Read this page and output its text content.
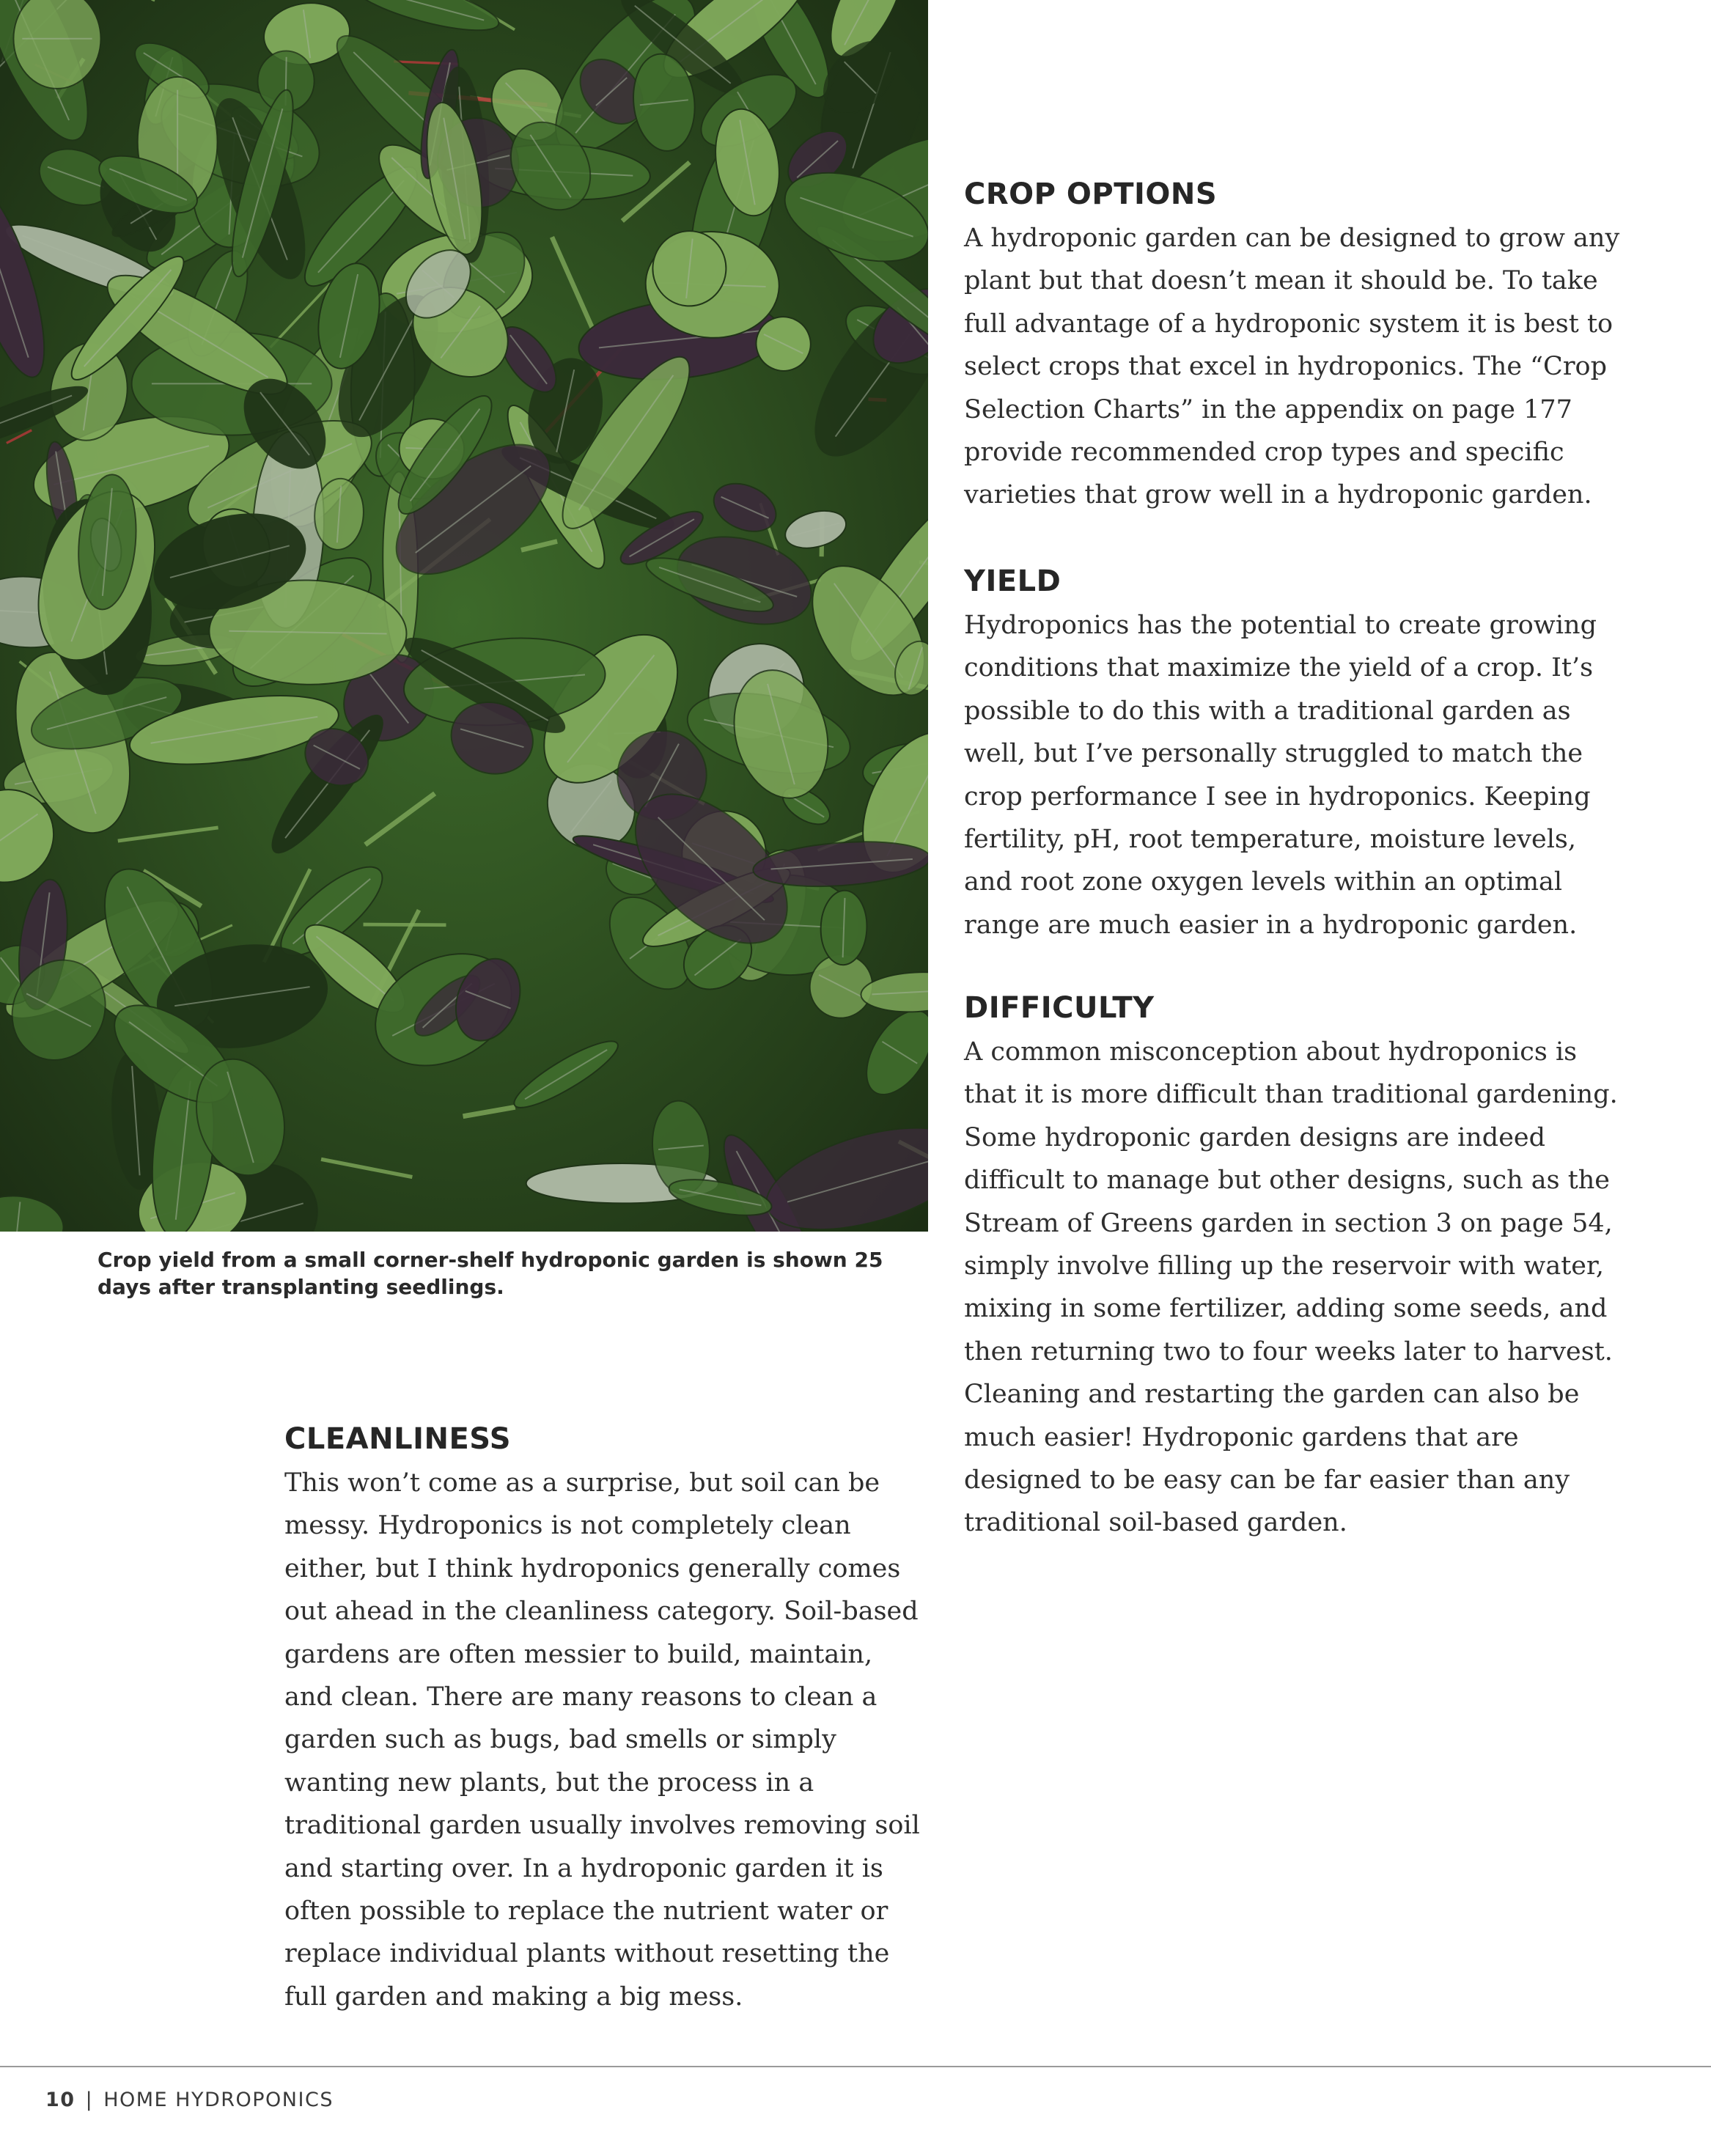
Crop yield from a small corner-shelf hydroponic garden is shown 25 days after transplanting seedlings.
CROP OPTIONS

A hydroponic garden can be designed to grow any plant but that doesn’t mean it should be. To take full advantage of a hydroponic system it is best to select crops that excel in hydroponics. The “Crop Selection Charts” in the appendix on page 177 provide recommended crop types and specific varieties that grow well in a hydroponic garden.

YIELD

Hydroponics has the potential to create growing conditions that maximize the yield of a crop. It’s possible to do this with a traditional garden as well, but I’ve personally struggled to match the crop performance I see in hydroponics. Keeping fertility, pH, root temperature, moisture levels, and root zone oxygen levels within an optimal range are much easier in a hydroponic garden.

DIFFICULTY

A common misconception about hydroponics is that it is more difficult than traditional gardening. Some hydroponic garden designs are indeed difficult to manage but other designs, such as the Stream of Greens garden in section 3 on page 54, simply involve filling up the reservoir with water, mixing in some fertilizer, adding some seeds, and then returning two to four weeks later to harvest. Cleaning and restarting the garden can also be much easier! Hydroponic gardens that are designed to be easy can be far easier than any traditional soil-based garden.

CLEANLINESS

This won’t come as a surprise, but soil can be messy. Hydroponics is not completely clean either, but I think hydroponics generally comes out ahead in the cleanliness category. Soil-based gardens are often messier to build, maintain, and clean. There are many reasons to clean a garden such as bugs, bad smells or simply wanting new plants, but the process in a traditional garden usually involves removing soil and starting over. In a hydroponic garden it is often possible to replace the nutrient water or replace individual plants without resetting the full garden and making a big mess.

10 | HOME HYDROPONICS
